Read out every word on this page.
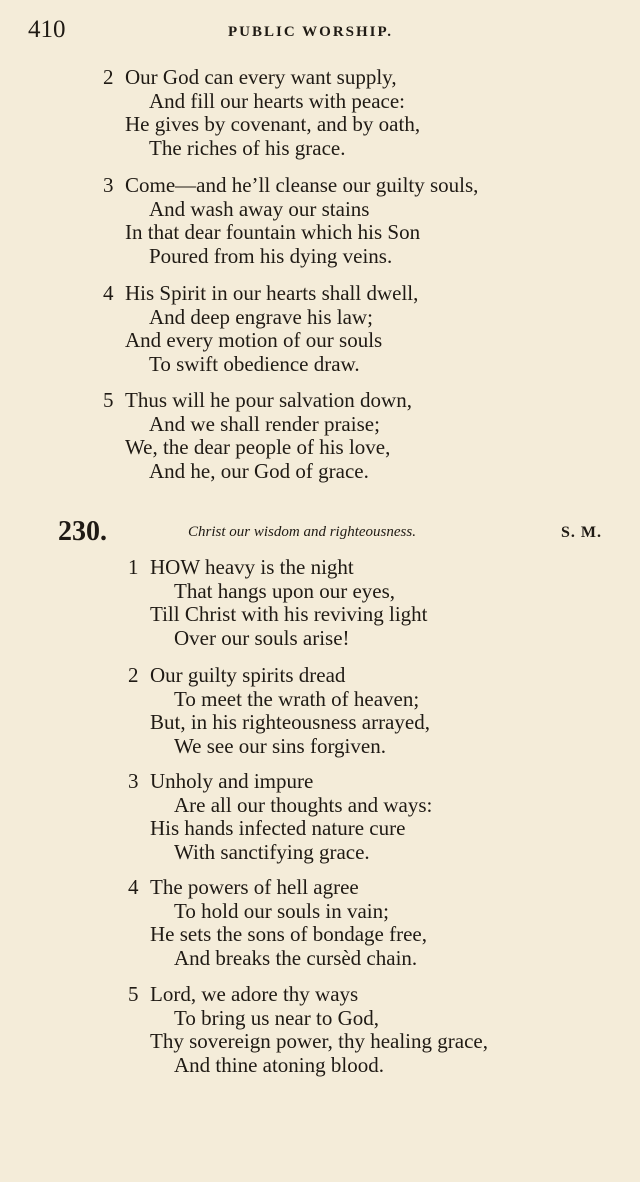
410	PUBLIC WORSHIP.
2 Our God can every want supply,
And fill our hearts with peace:
He gives by covenant, and by oath,
The riches of his grace.
3 Come—and he’ll cleanse our guilty souls,
And wash away our stains
In that dear fountain which his Son
Poured from his dying veins.
4 His Spirit in our hearts shall dwell,
And deep engrave his law;
And every motion of our souls
To swift obedience draw.
5 Thus will he pour salvation down,
And we shall render praise;
We, the dear people of his love,
And he, our God of grace.
230.	Christ our wisdom and righteousness.	S. M.
1 HOW heavy is the night
That hangs upon our eyes,
Till Christ with his reviving light
Over our souls arise!
2 Our guilty spirits dread
To meet the wrath of heaven;
But, in his righteousness arrayed,
We see our sins forgiven.
3 Unholy and impure
Are all our thoughts and ways:
His hands infected nature cure
With sanctifying grace.
4 The powers of hell agree
To hold our souls in vain;
He sets the sons of bondage free,
And breaks the cursèd chain.
5 Lord, we adore thy ways
To bring us near to God,
Thy sovereign power, thy healing grace,
And thine atoning blood.
